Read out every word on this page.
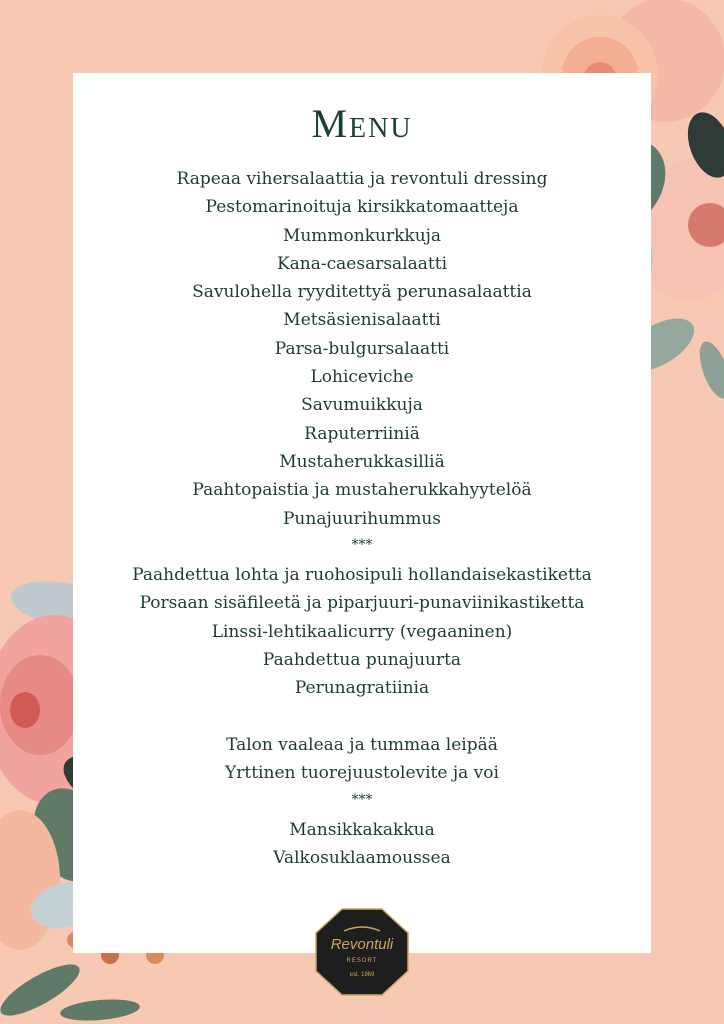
Menu
Rapeaa vihersalaattia ja revontuli dressing
Pestomarinoituja kirsikkatomaatteja
Mummonkurkkuja
Kana-caesarsalaatti
Savulohella ryyditettyä perunasalaattia
Metsäsienisalaatti
Parsa-bulgursalaatti
Lohiceviche
Savumuikkuja
Raputerriiniä
Mustaherukkasilliä
Paahtopaistia ja mustaherukkahyytelöä
Punajuurihummus
***
Paahdettua lohta ja ruohosipuli hollandaisekastiketta
Porsaan sisäfileetä ja piparjuuri-punaviinikastiketta
Linssi-lehtikaalicurry (vegaaninen)
Paahdettua punajuurta
Perunagratiinia
Talon vaaleaa ja tummaa leipää
Yrttinen tuorejuustolevite ja voi
***
Mansikkakakkua
Valkosuklaamoussea
Revontuli
RESORT
est. 1969
